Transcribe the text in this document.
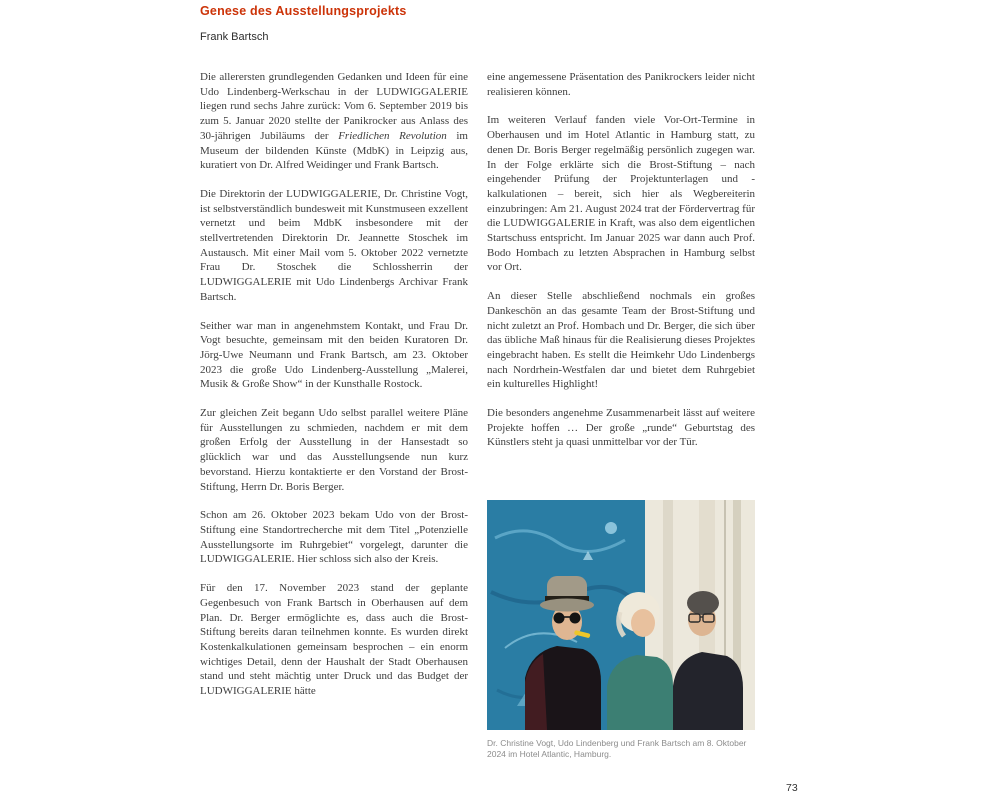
Genese des Ausstellungsprojekts
Frank Bartsch

Die allerersten grundlegenden Gedanken und Ideen für eine Udo Lindenberg-Werkschau in der LUDWIGGALERIE liegen rund sechs Jahre zurück: Vom 6. September 2019 bis zum 5. Januar 2020 stellte der Panikrocker aus Anlass des 30-jährigen Jubiläums der Friedlichen Revolution im Museum der bildenden Künste (MdbK) in Leipzig aus, kuratiert von Dr. Alfred Weidinger und Frank Bartsch.

Die Direktorin der LUDWIGGALERIE, Dr. Christine Vogt, ist selbstverständlich bundesweit mit Kunstmuseen exzellent vernetzt und beim MdbK insbesondere mit der stellvertretenden Direktorin Dr. Jeannette Stoschek im Austausch. Mit einer Mail vom 5. Oktober 2022 vernetzte Frau Dr. Stoschek die Schlossherrin der LUDWIGGALERIE mit Udo Lindenbergs Archivar Frank Bartsch.

Seither war man in angenehmstem Kontakt, und Frau Dr. Vogt besuchte, gemeinsam mit den beiden Kuratoren Dr. Jörg-Uwe Neumann und Frank Bartsch, am 23. Oktober 2023 die große Udo Lindenberg-Ausstellung „Malerei, Musik & Große Show“ in der Kunsthalle Rostock.

Zur gleichen Zeit begann Udo selbst parallel weitere Pläne für Ausstellungen zu schmieden, nachdem er mit dem großen Erfolg der Ausstellung in der Hansestadt so glücklich war und das Ausstellungsende nun kurz bevorstand. Hierzu kontaktierte er den Vorstand der Brost-Stiftung, Herrn Dr. Boris Berger.

Schon am 26. Oktober 2023 bekam Udo von der Brost-Stiftung eine Standortrecherche mit dem Titel „Potenzielle Ausstellungsorte im Ruhrgebiet“ vorgelegt, darunter die LUDWIGGALERIE. Hier schloss sich also der Kreis.

Für den 17. November 2023 stand der geplante Gegenbesuch von Frank Bartsch in Oberhausen auf dem Plan. Dr. Berger ermöglichte es, dass auch die Brost-Stiftung bereits daran teilnehmen konnte. Es wurden direkt Kostenkalkulationen gemeinsam besprochen – ein enorm wichtiges Detail, denn der Haushalt der Stadt Oberhausen stand und steht mächtig unter Druck und das Budget der LUDWIGGALERIE hätte

eine angemessene Präsentation des Panikrockers leider nicht realisieren können.

Im weiteren Verlauf fanden viele Vor-Ort-Termine in Oberhausen und im Hotel Atlantic in Hamburg statt, zu denen Dr. Boris Berger regelmäßig persönlich zugegen war. In der Folge erklärte sich die Brost-Stiftung – nach eingehender Prüfung der Projektunterlagen und -kalkulationen – bereit, sich hier als Wegbereiterin einzubringen: Am 21. August 2024 trat der Fördervertrag für die LUDWIGGALERIE in Kraft, was also dem eigentlichen Startschuss entspricht. Im Januar 2025 war dann auch Prof. Bodo Hombach zu letzten Absprachen in Hamburg selbst vor Ort.

An dieser Stelle abschließend nochmals ein großes Dankeschön an das gesamte Team der Brost-Stiftung und nicht zuletzt an Prof. Hombach und Dr. Berger, die sich über das übliche Maß hinaus für die Realisierung dieses Projektes eingebracht haben. Es stellt die Heimkehr Udo Lindenbergs nach Nordrhein-Westfalen dar und bietet dem Ruhrgebiet ein kulturelles Highlight!

Die besonders angenehme Zusammenarbeit lässt auf weitere Projekte hoffen … Der große „runde“ Geburtstag des Künstlers steht ja quasi unmittelbar vor der Tür.

Dr. Christine Vogt, Udo Lindenberg und Frank Bartsch am 8. Oktober 2024 im Hotel Atlantic, Hamburg.
73
